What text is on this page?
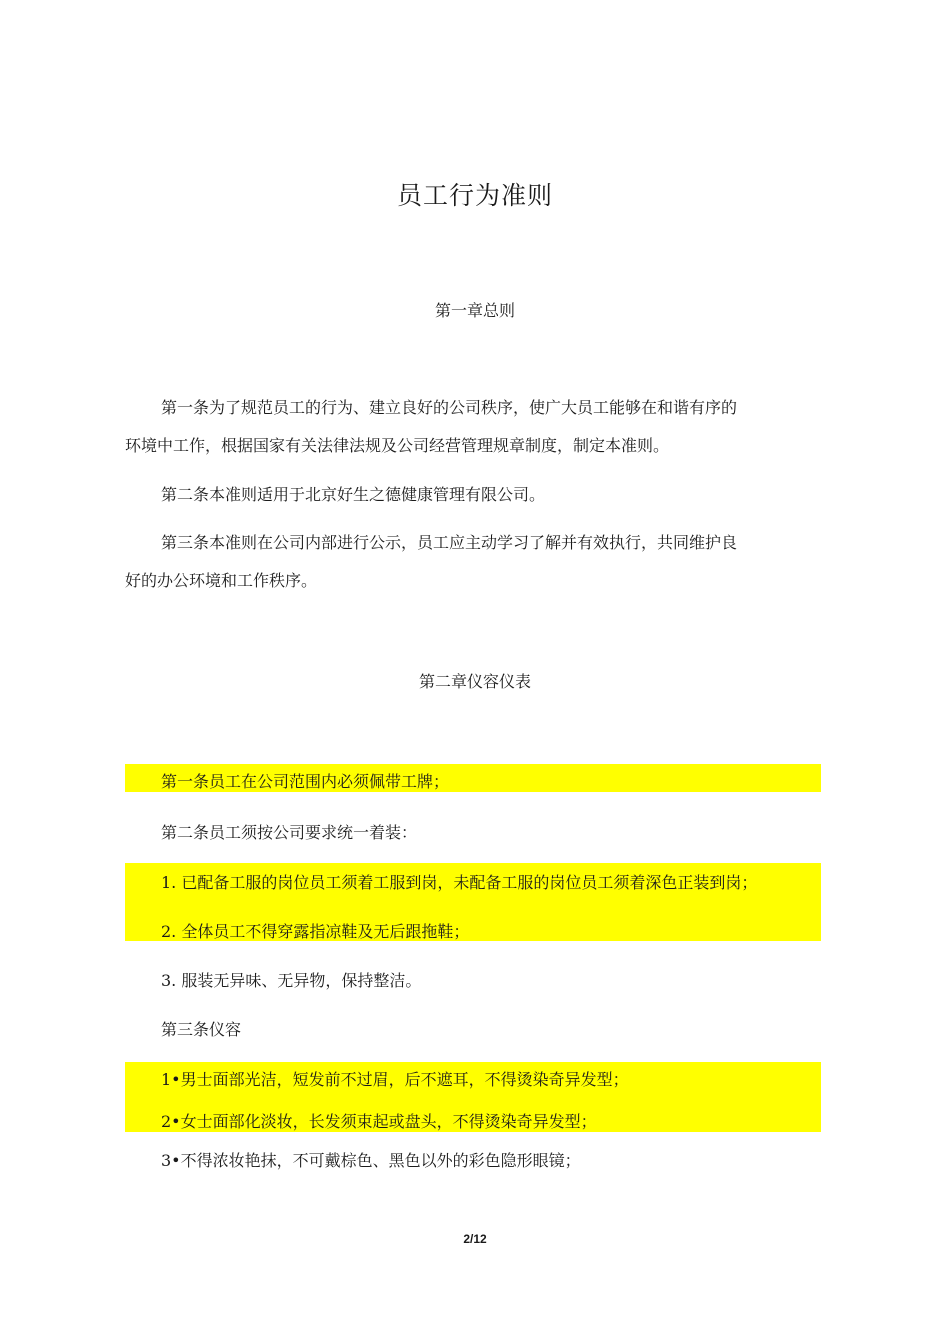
员工行为准则
第一章总则
第一条为了规范员工的行为、建立良好的公司秩序，使广大员工能够在和谐有序的
环境中工作，根据国家有关法律法规及公司经营管理规章制度，制定本准则。
第二条本准则适用于北京好生之德健康管理有限公司。
第三条本准则在公司内部进行公示，员工应主动学习了解并有效执行，共同维护良
好的办公环境和工作秩序。
第二章仪容仪表
第一条员工在公司范围内必须佩带工牌；
第二条员工须按公司要求统一着装：
1. 已配备工服的岗位员工须着工服到岗，未配备工服的岗位员工须着深色正装到岗；
2. 全体员工不得穿露指凉鞋及无后跟拖鞋；
3. 服装无异味、无异物，保持整洁。
第三条仪容
1•男士面部光洁，短发前不过眉，后不遮耳，不得烫染奇异发型；
2•女士面部化淡妆，长发须束起或盘头，不得烫染奇异发型；
3•不得浓妆艳抹，不可戴棕色、黑色以外的彩色隐形眼镜；
2/12
